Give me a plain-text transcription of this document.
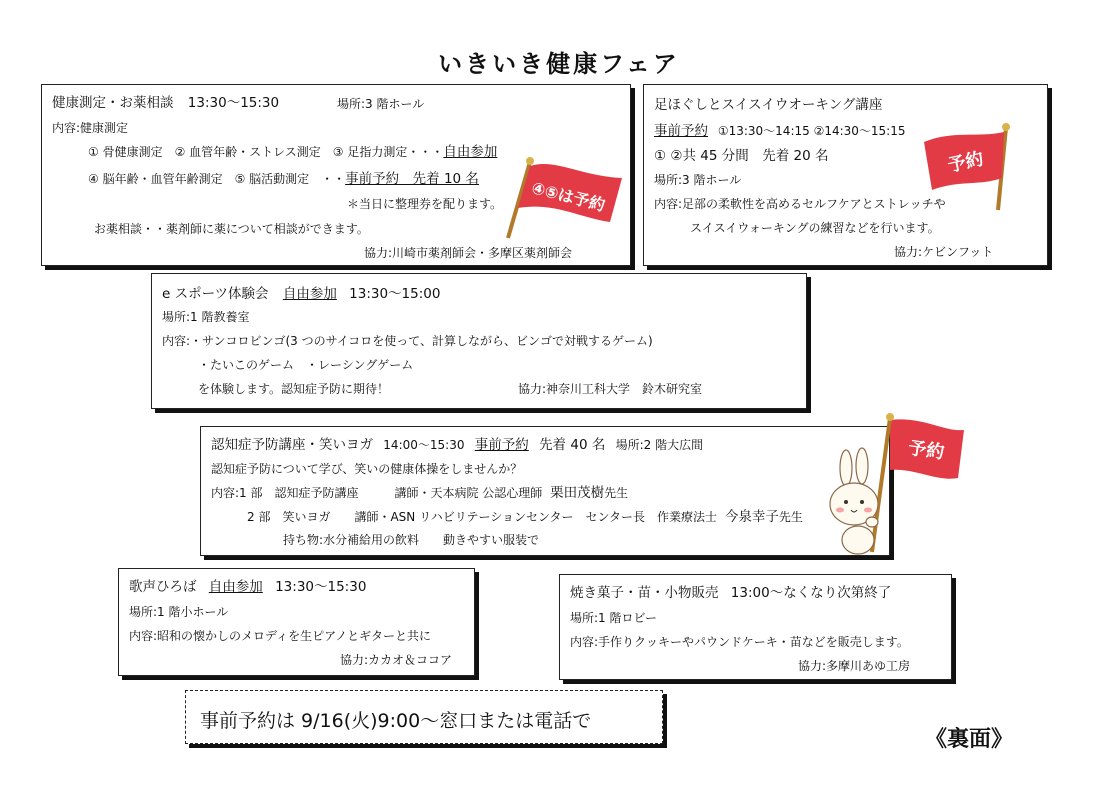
いきいき健康フェア
健康測定・お薬相談 13:30〜15:30	場所:3 階ホール
内容:健康測定
① 骨健康測定　② 血管年齢・ストレス測定　③ 足指力測定・・・自由参加
④ 脳年齢・血管年齢測定　⑤ 脳活動測定　・・事前予約　先着 10 名
＊当日に整理券を配ります。
お薬相談・・薬剤師に薬について相談ができます。
協力:川崎市薬剤師会・多摩区薬剤師会
④⑤は予約
足ほぐしとスイスイウオーキング講座
事前予約 ①13:30〜14:15 ②14:30〜15:15
① ②共 45 分間　先着 20 名
場所:3 階ホール
内容:足部の柔軟性を高めるセルフケアとストレッチや
スイスイウォーキングの練習などを行います。
協力:ケビンフット
予約
e スポーツ体験会 自由参加 13:30〜15:00
場所:1 階教養室
内容:・サンコロビンゴ(3 つのサイコロを使って、計算しながら、ビンゴで対戦するゲーム)
・たいこのゲーム　・レーシングゲーム
を体験します。認知症予防に期待！	協力:神奈川工科大学　鈴木研究室
認知症予防講座・笑いヨガ 14:00〜15:30 事前予約 先着 40 名 場所:2 階大広間
認知症予防について学び、笑いの健康体操をしませんか？
内容:1 部　認知症予防講座　　　講師・天本病院 公認心理師 栗田茂樹先生
2 部　笑いヨガ　　講師・ASN リハビリテーションセンター　センター長　作業療法士 今泉幸子先生
持ち物:水分補給用の飲料　　動きやすい服装で
予約
歌声ひろば 自由参加 13:30〜15:30
場所:1 階小ホール
内容:昭和の懐かしのメロディを生ピアノとギターと共に
協力:カカオ＆ココア
焼き菓子・苗・小物販売 13:00〜なくなり次第終了
場所:1 階ロビー
内容:手作りクッキーやパウンドケーキ・苗などを販売します。
協力:多摩川あゆ工房
事前予約は 9/16(火)9:00〜窓口または電話で
《裏面》
